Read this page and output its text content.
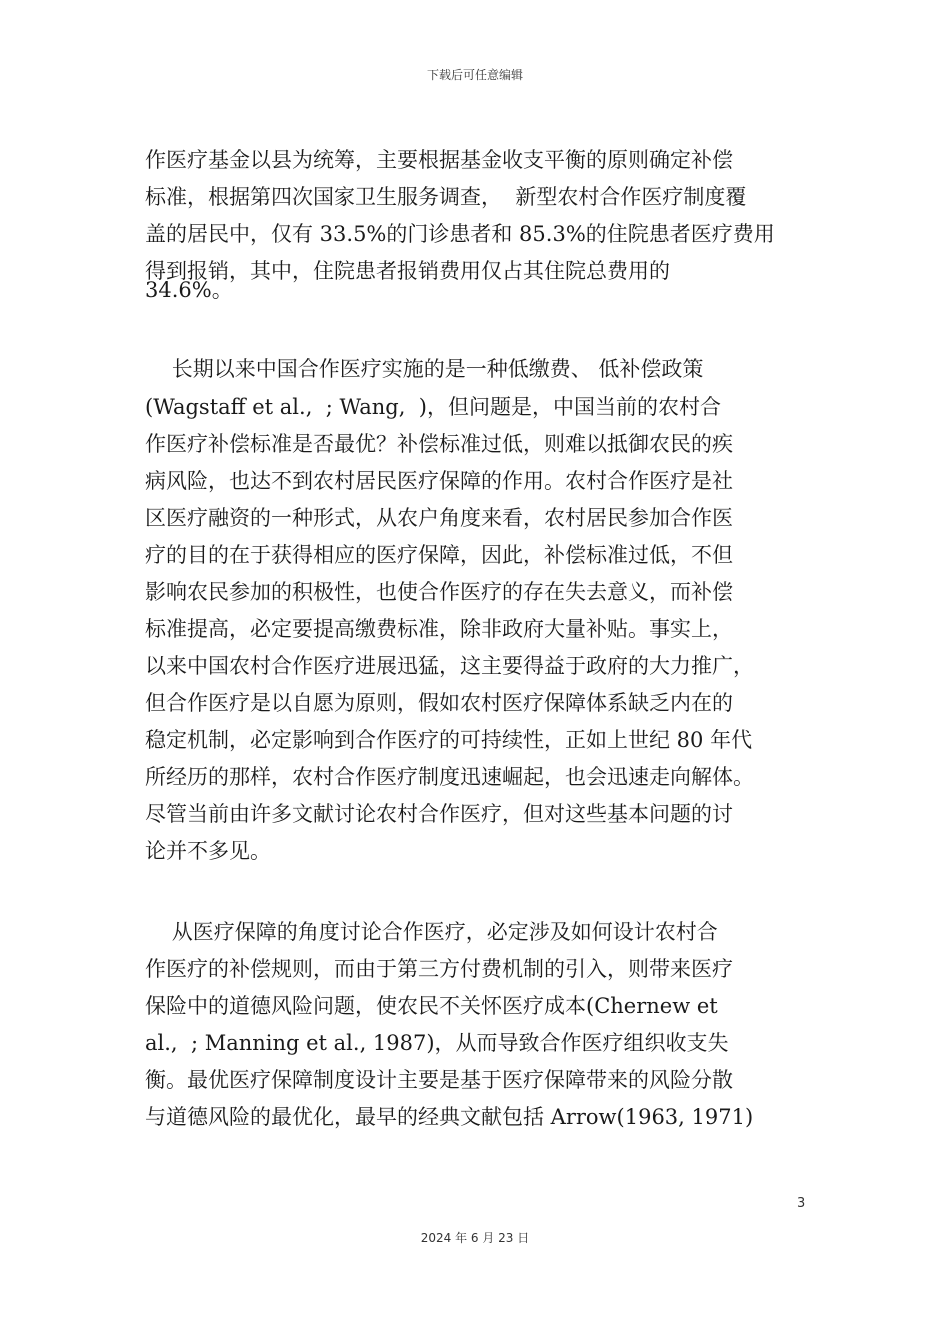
下载后可任意编辑
作医疗基金以县为统筹，主要根据基金收支平衡的原则确定补偿
标准，根据第四次国家卫生服务调查，  新型农村合作医疗制度覆
盖的居民中，仅有 33.5%的门诊患者和 85.3%的住院患者医疗费用
得到报销，其中，住院患者报销费用仅占其住院总费用的
34.6%。
长期以来中国合作医疗实施的是一种低缴费、 低补偿政策
(Wagstaff et al.,  ; Wang,  )，但问题是，中国当前的农村合
作医疗补偿标准是否最优？补偿标准过低，则难以抵御农民的疾
病风险，也达不到农村居民医疗保障的作用。农村合作医疗是社
区医疗融资的一种形式，从农户角度来看，农村居民参加合作医
疗的目的在于获得相应的医疗保障，因此，补偿标准过低，不但
影响农民参加的积极性，也使合作医疗的存在失去意义，而补偿
标准提高，必定要提高缴费标准，除非政府大量补贴。事实上，
以来中国农村合作医疗进展迅猛，这主要得益于政府的大力推广，
但合作医疗是以自愿为原则，假如农村医疗保障体系缺乏内在的
稳定机制，必定影响到合作医疗的可持续性，正如上世纪 80 年代
所经历的那样，农村合作医疗制度迅速崛起，也会迅速走向解体。
尽管当前由许多文献讨论农村合作医疗，但对这些基本问题的讨
论并不多见。
从医疗保障的角度讨论合作医疗，必定涉及如何设计农村合
作医疗的补偿规则，而由于第三方付费机制的引入，则带来医疗
保险中的道德风险问题，使农民不关怀医疗成本(Chernew et
al.,  ; Manning et al., 1987)，从而导致合作医疗组织收支失
衡。最优医疗保障制度设计主要是基于医疗保障带来的风险分散
与道德风险的最优化，最早的经典文献包括 Arrow(1963, 1971)
3
2024 年 6 月 23 日
